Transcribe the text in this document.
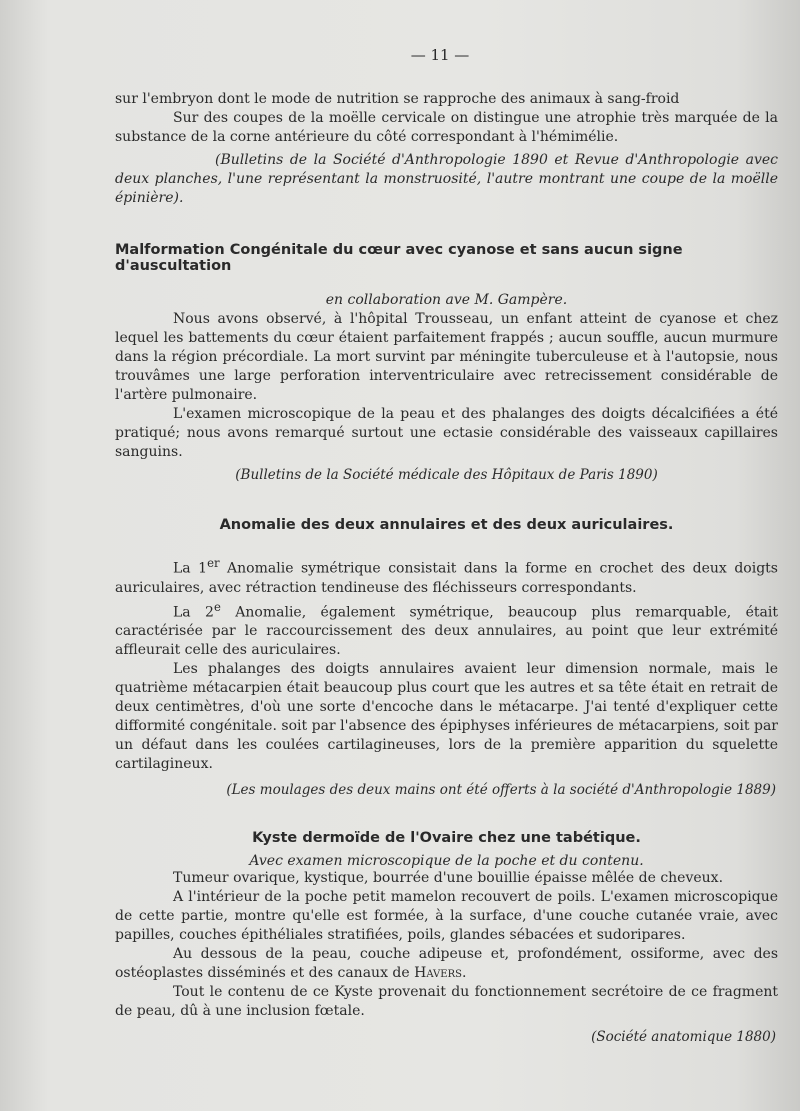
— 11 —

sur l'embryon dont le mode de nutrition se rapproche des animaux à sang-froid

Sur des coupes de la moëlle cervicale on distingue une atrophie très marquée de la substance de la corne antérieure du côté correspondant à l'hémimélie.

(Bulletins de la Société d'Anthropologie 1890 et Revue d'Anthropologie avec deux planches, l'une représentant la monstruosité, l'autre montrant une coupe de la moëlle épinière).

Malformation Congénitale du cœur avec cyanose et sans aucun signe d'auscultation
en collaboration ave M. Gampère.

Nous avons observé, à l'hôpital Trousseau, un enfant atteint de cyanose et chez lequel les battements du cœur étaient parfaitement frappés ; aucun souffle, aucun murmure dans la région précordiale. La mort survint par méningite tuberculeuse et à l'autopsie, nous trouvâmes une large perforation interventriculaire avec retrecissement considérable de l'artère pulmonaire.

L'examen microscopique de la peau et des phalanges des doigts décalcifiées a été pratiqué; nous avons remarqué surtout une ectasie considérable des vaisseaux capillaires sanguins.

(Bulletins de la Société médicale des Hôpitaux de Paris 1890)

Anomalie des deux annulaires et des deux auriculaires.

La 1er Anomalie symétrique consistait dans la forme en crochet des deux doigts auriculaires, avec rétraction tendineuse des fléchisseurs correspondants.

La 2e Anomalie, également symétrique, beaucoup plus remarquable, était caractérisée par le raccourcissement des deux annulaires, au point que leur extrémité affleurait celle des auriculaires.

Les phalanges des doigts annulaires avaient leur dimension normale, mais le quatrième métacarpien était beaucoup plus court que les autres et sa tête était en retrait de deux centimètres, d'où une sorte d'encoche dans le métacarpe. J'ai tenté d'expliquer cette difformité congénitale. soit par l'absence des épiphyses inférieures de métacarpiens, soit par un défaut dans les coulées cartilagineuses, lors de la première apparition du squelette cartilagineux.

(Les moulages des deux mains ont été offerts à la société d'Anthropologie 1889)

Kyste dermoïde de l'Ovaire chez une tabétique.
Avec examen microscopique de la poche et du contenu.

Tumeur ovarique, kystique, bourrée d'une bouillie épaisse mêlée de cheveux.

A l'intérieur de la poche petit mamelon recouvert de poils. L'examen microscopique de cette partie, montre qu'elle est formée, à la surface, d'une couche cutanée vraie, avec papilles, couches épithéliales stratifiées, poils, glandes sébacées et sudoripares.

Au dessous de la peau, couche adipeuse et, profondément, ossiforme, avec des ostéoplastes disséminés et des canaux de Havers.

Tout le contenu de ce Kyste provenait du fonctionnement secrétoire de ce fragment de peau, dû à une inclusion fœtale.

(Société anatomique 1880)
